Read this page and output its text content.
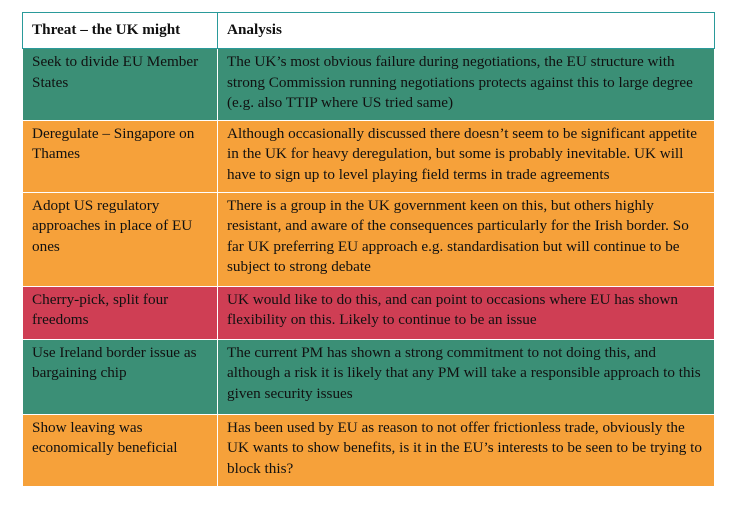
Threat – the UK might	Analysis
Seek to divide EU Member States	The UK’s most obvious failure during negotiations, the EU structure with strong Commission running negotiations protects against this to large degree (e.g. also TTIP where US tried same)
Deregulate – Singapore on Thames	Although occasionally discussed there doesn’t seem to be significant appetite in the UK for heavy deregulation, but some is probably inevitable. UK will have to sign up to level playing field terms in trade agreements
Adopt US regulatory approaches in place of EU ones	There is a group in the UK government keen on this, but others highly resistant, and aware of the consequences particularly for the Irish border. So far UK preferring EU approach e.g. standardisation but will continue to be subject to strong debate
Cherry-pick, split four freedoms	UK would like to do this, and can point to occasions where EU has shown flexibility on this. Likely to continue to be an issue
Use Ireland border issue as bargaining chip	The current PM has shown a strong commitment to not doing this, and although a risk it is likely that any PM will take a responsible approach to this given security issues
Show leaving was economically beneficial	Has been used by EU as reason to not offer frictionless trade, obviously the UK wants to show benefits, is it in the EU’s interests to be seen to be trying to block this?
